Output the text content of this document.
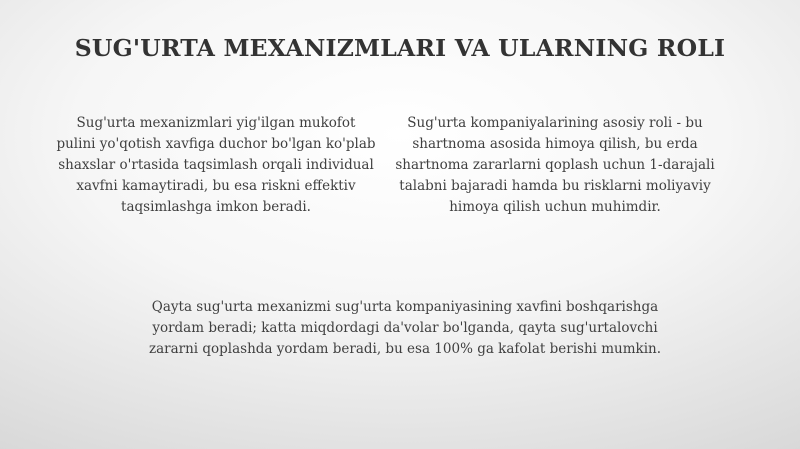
SUG'URTA MEXANIZMLARI VA ULARNING ROLI

Sug'urta mexanizmlari yig'ilgan mukofot pulini yo'qotish xavfiga duchor bo'lgan ko'plab shaxslar o'rtasida taqsimlash orqali individual xavfni kamaytiradi, bu esa riskni effektiv taqsimlashga imkon beradi.

Sug'urta kompaniyalarining asosiy roli - bu shartnoma asosida himoya qilish, bu erda shartnoma zararlarni qoplash uchun 1-darajali talabni bajaradi hamda bu risklarni moliyaviy himoya qilish uchun muhimdir.

Qayta sug'urta mexanizmi sug'urta kompaniyasining xavfini boshqarishga yordam beradi; katta miqdordagi da'volar bo'lganda, qayta sug'urtalovchi zararni qoplashda yordam beradi, bu esa 100% ga kafolat berishi mumkin.
